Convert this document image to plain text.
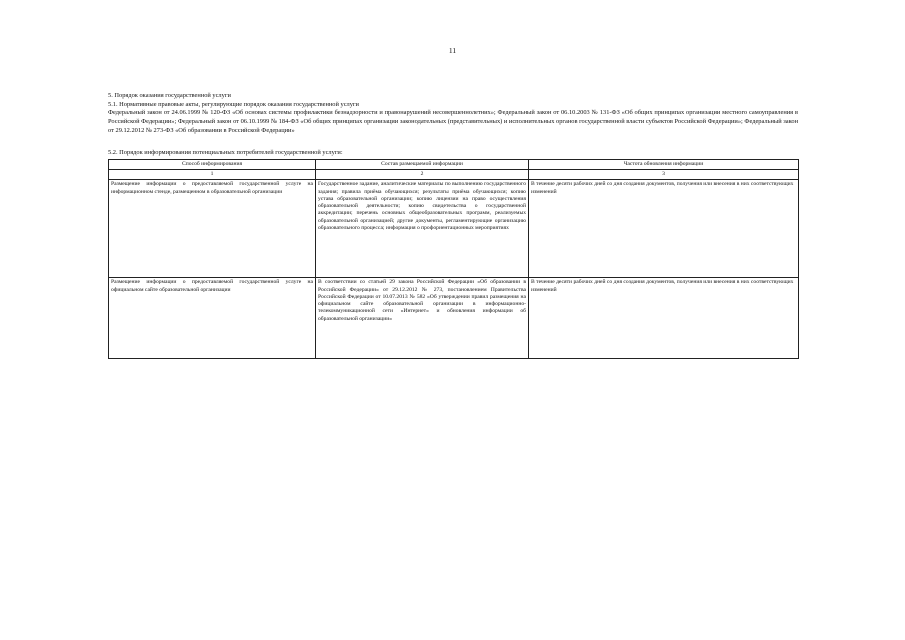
11

5. Порядок оказания государственной услуги

5.1. Нормативные правовые акты, регулирующие порядок оказания государственной услуги

Федеральный закон от 24.06.1999 № 120-ФЗ «Об основах системы профилактики безнадзорности и правонарушений несовершеннолетних»; Федеральный закон от 06.10.2003 № 131-ФЗ «Об общих принципах организации местного самоуправления в Российской Федерации»; Федеральный закон от 06.10.1999 № 184-ФЗ «Об общих принципах организации законодательных (представительных) и исполнительных органов государственной власти субъектов Российской Федерации»; Федеральный закон от 29.12.2012 № 273-ФЗ «Об образовании в Российской Федерации»

5.2. Порядок информирования потенциальных потребителей государственной услуги:

Способ информирования	Состав размещаемой информации	Частота обновления информации
1	2	3
Размещение информации о предоставляемой государственной услуге на информационном стенде, размещенном в образовательной организации	Государственное задание, аналитические материалы по выполнению государственного задания; правила приёма обучающихся; результаты приёма обучающихся; копию устава образовательной организации; копию лицензии на право осуществления образовательной деятельности; копию свидетельства о государственной аккредитации; перечень основных общеобразовательных программ, реализуемых образовательной организацией; другие документы, регламентирующие организацию образовательного процесса; информация о профориентационных мероприятиях	В течение десяти рабочих дней со дня создания документов, получения или внесения в них соответствующих изменений
Размещение информации о предоставляемой государственной услуге на официальном сайте образовательной организации	В соответствии со статьей 29 закона Российской Федерации «Об образовании в Российской Федерации» от 29.12.2012 № 273, постановлением Правительства Российской Федерации от 10.07.2013 № 582 «Об утверждении правил размещения на официальном сайте образовательной организации в информационно-телекоммуникационной сети «Интернет» и обновления информации об образовательной организации»	В течение десяти рабочих дней со дня создания документов, получения или внесения в них соответствующих изменений
